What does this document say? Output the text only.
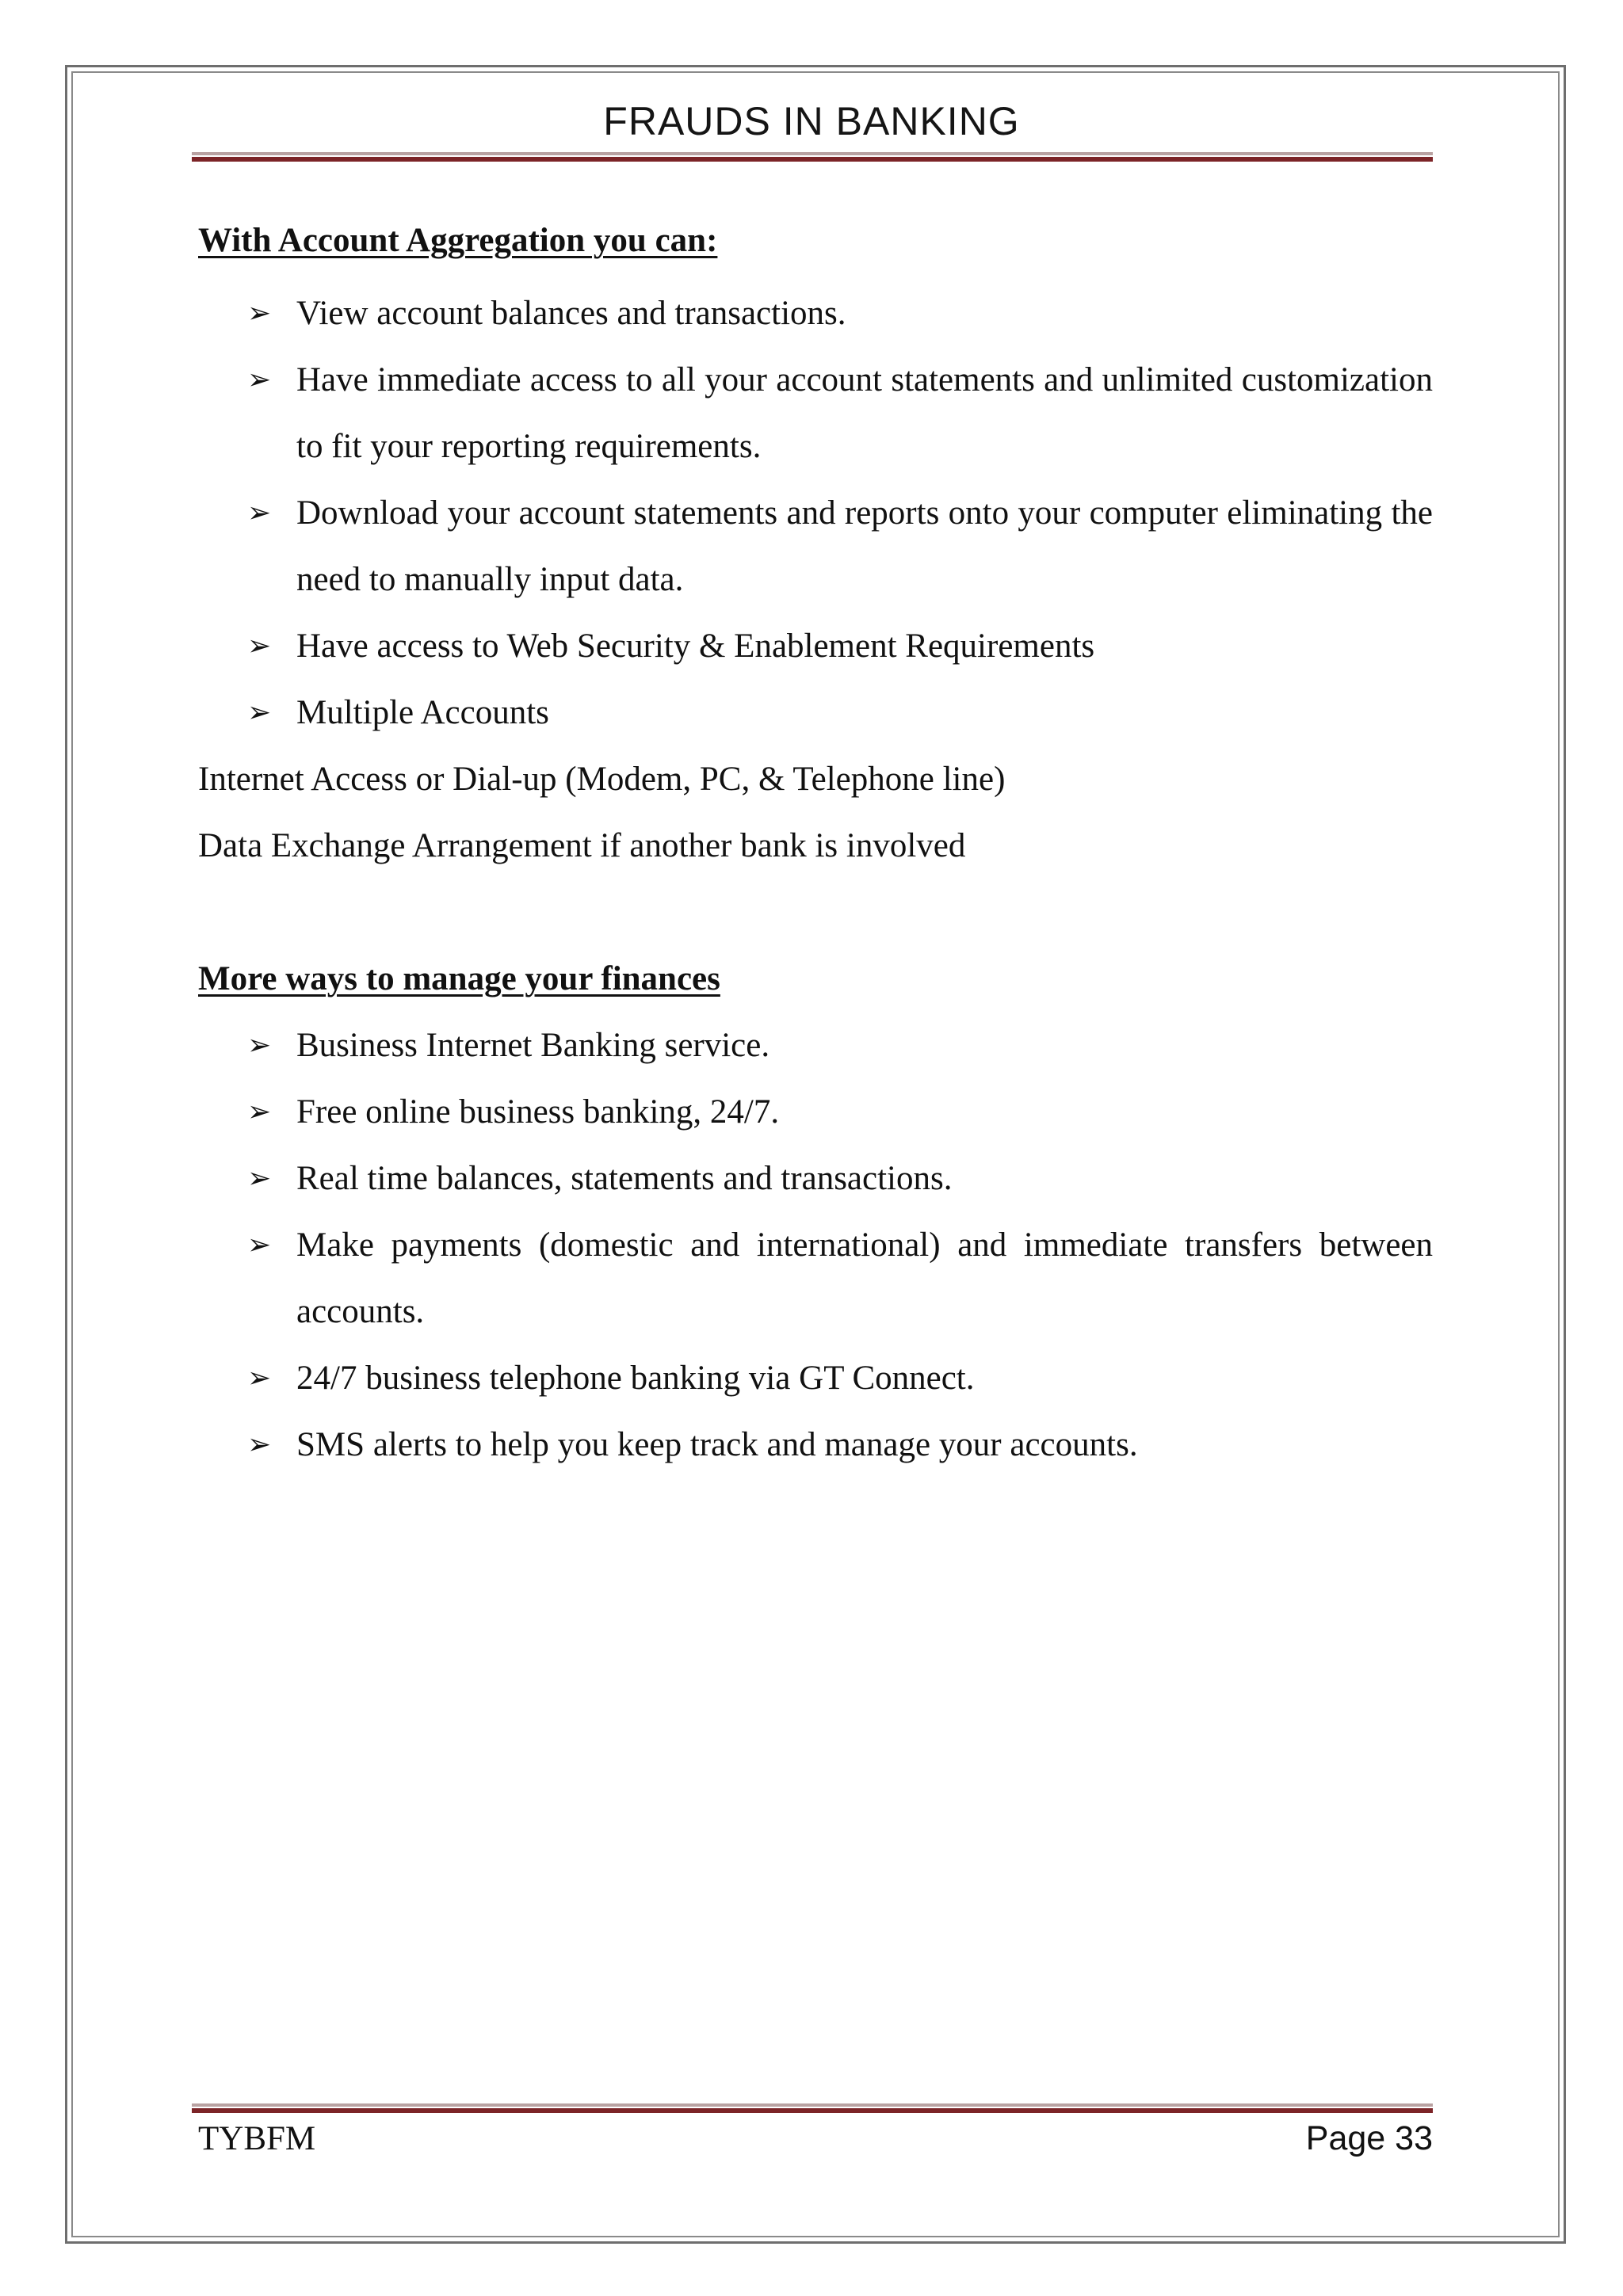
FRAUDS IN BANKING
With Account Aggregation you can:
➢ View account balances and transactions.
➢ Have immediate access to all your account statements and unlimited customization to fit your reporting requirements.
➢ Download your account statements and reports onto your computer eliminating the need to manually input data.
➢ Have access to Web Security & Enablement Requirements
➢ Multiple Accounts
Internet Access or Dial-up (Modem, PC, & Telephone line)
Data Exchange Arrangement if another bank is involved
More ways to manage your finances
➢ Business Internet Banking service.
➢ Free online business banking, 24/7.
➢ Real time balances, statements and transactions.
➢ Make payments (domestic and international) and immediate transfers between accounts.
➢ 24/7 business telephone banking via GT Connect.
➢ SMS alerts to help you keep track and manage your accounts.
TYBFM	Page 33
